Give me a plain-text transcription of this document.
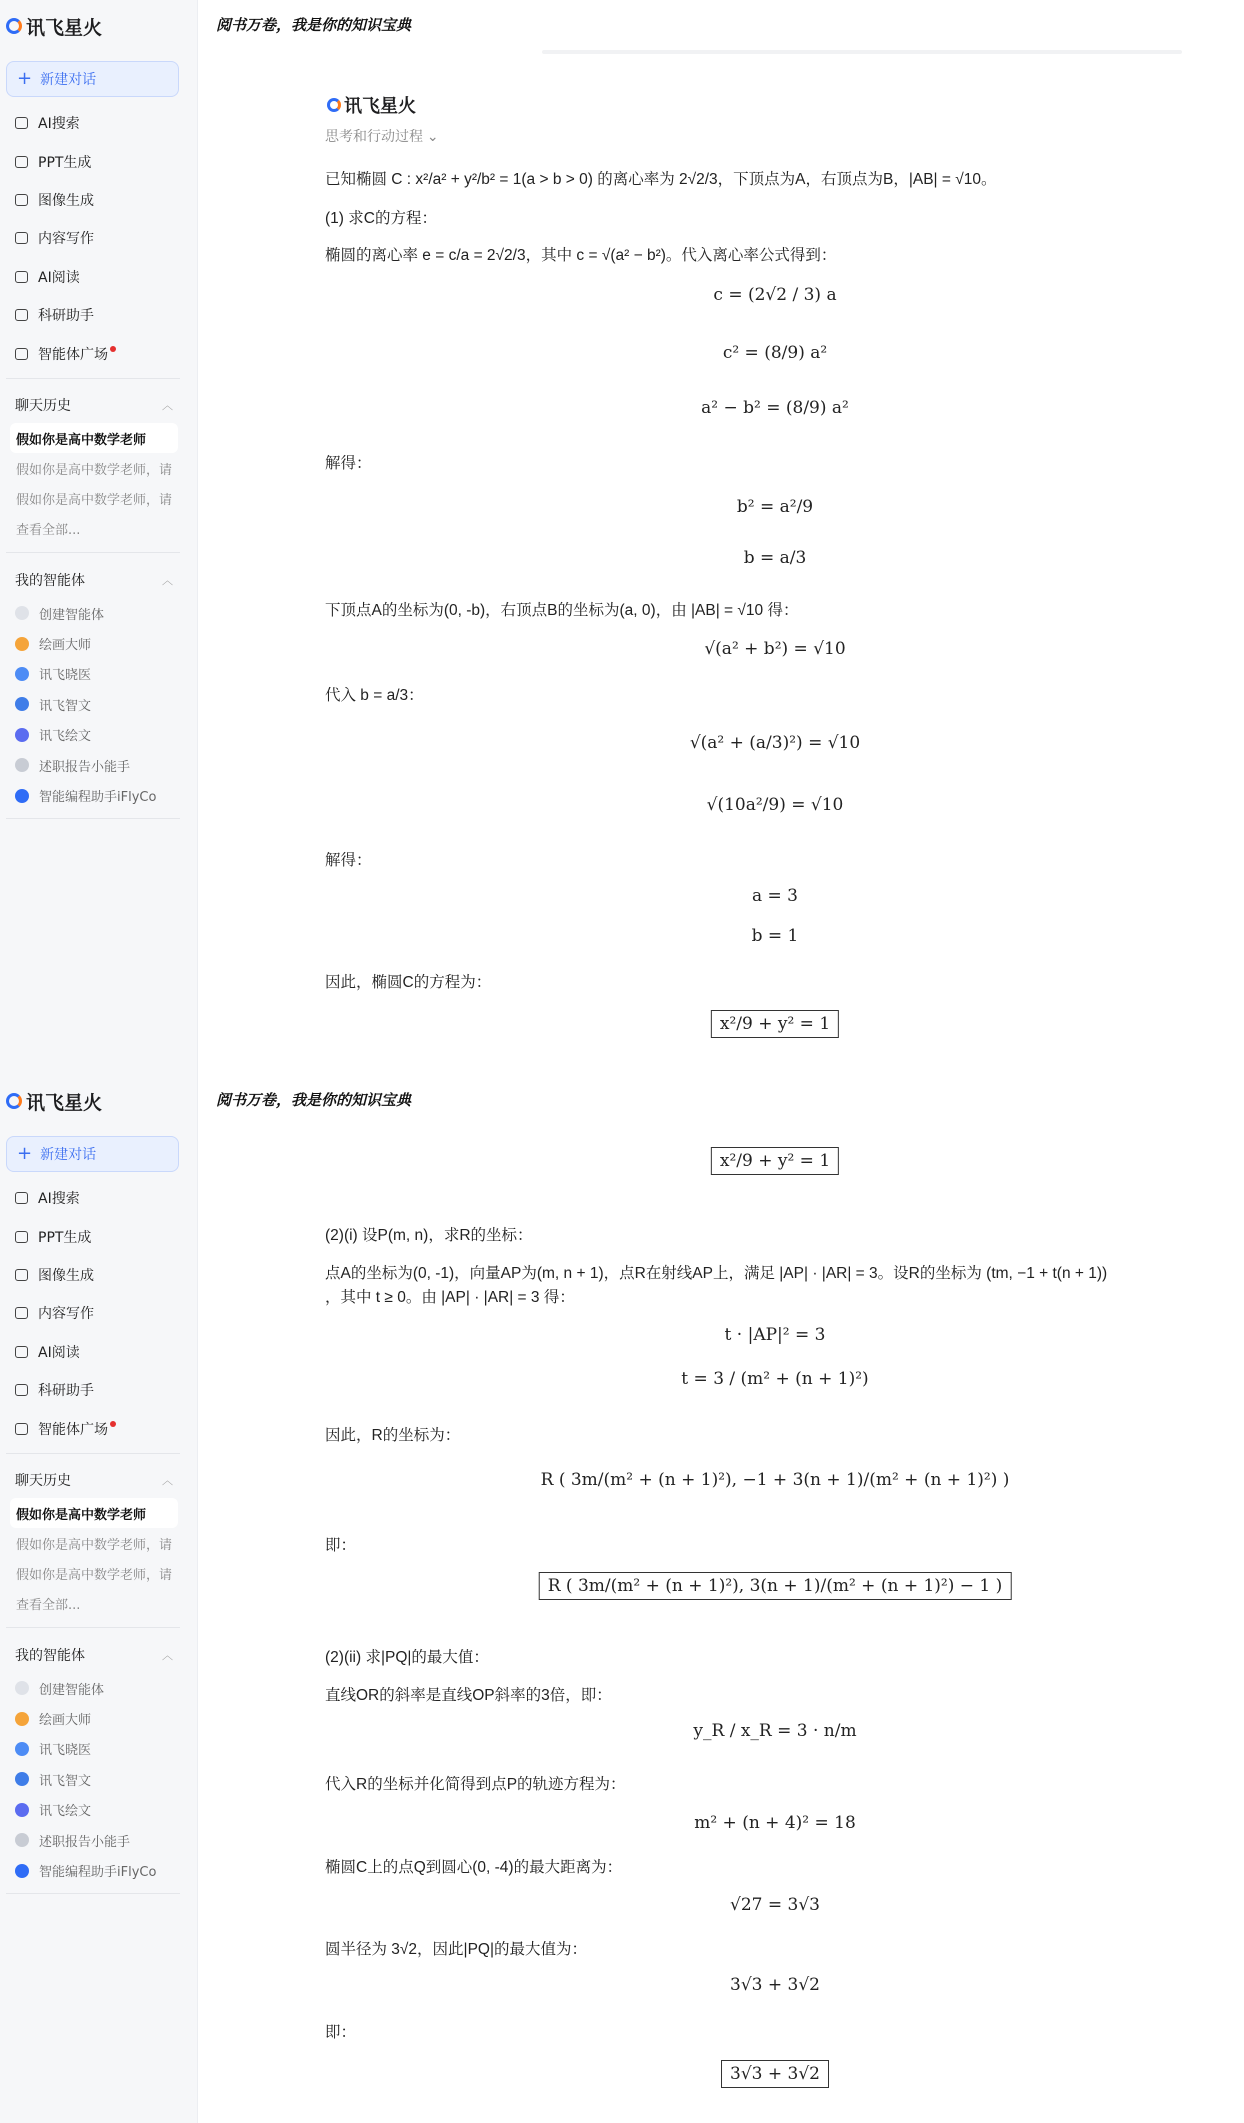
讯飞星火
+ 新建对话
AI搜索
PPT生成
图像生成
内容写作
AI阅读
科研助手
智能体广场
聊天历史	︿
假如你是高中数学老师
假如你是高中数学老师，请
假如你是高中数学老师，请
查看全部...
我的智能体	︿
创建智能体
绘画大师
讯飞晓医
讯飞智文
讯飞绘文
述职报告小能手
智能编程助手iFlyCo
阅书万卷，我是你的知识宝典
讯飞星火
思考和行动过程 ⌄
已知椭圆 C : x²/a² + y²/b² = 1(a > b > 0) 的离心率为 2√2/3，下顶点为A，右顶点为B，|AB| = √10。
(1) 求C的方程：
椭圆的离心率 e = c/a = 2√2/3，其中 c = √(a² − b²)。代入离心率公式得到：
c = (2√2 / 3) a
c² = (8/9) a²
a² − b² = (8/9) a²
解得：
b² = a²/9
b = a/3
下顶点A的坐标为(0, -b)，右顶点B的坐标为(a, 0)，由 |AB| = √10 得：
√(a² + b²) = √10
代入 b = a/3：
√(a² + (a/3)²) = √10
√(10a²/9) = √10
解得：
a = 3
b = 1
因此，椭圆C的方程为：
x²/9 + y² = 1
讯飞星火
+ 新建对话
AI搜索
PPT生成
图像生成
内容写作
AI阅读
科研助手
智能体广场
聊天历史	︿
假如你是高中数学老师
假如你是高中数学老师，请
假如你是高中数学老师，请
查看全部...
我的智能体	︿
创建智能体
绘画大师
讯飞晓医
讯飞智文
讯飞绘文
述职报告小能手
智能编程助手iFlyCo
阅书万卷，我是你的知识宝典
x²/9 + y² = 1
(2)(i) 设P(m, n)，求R的坐标：
点A的坐标为(0, -1)，向量AP为(m, n + 1)，点R在射线AP上，满足 |AP| · |AR| = 3。设R的坐标为 (tm, −1 + t(n + 1))
，其中 t ≥ 0。由 |AP| · |AR| = 3 得：
t · |AP|² = 3
t = 3 / (m² + (n + 1)²)
因此，R的坐标为：
R ( 3m/(m² + (n + 1)²), −1 + 3(n + 1)/(m² + (n + 1)²) )
即：
R ( 3m/(m² + (n + 1)²), 3(n + 1)/(m² + (n + 1)²) − 1 )
(2)(ii) 求|PQ|的最大值：
直线OR的斜率是直线OP斜率的3倍，即：
y_R / x_R = 3 · n/m
代入R的坐标并化简得到点P的轨迹方程为：
m² + (n + 4)² = 18
椭圆C上的点Q到圆心(0, -4)的最大距离为：
√27 = 3√3
圆半径为 3√2，因此|PQ|的最大值为：
3√3 + 3√2
即：
3√3 + 3√2
